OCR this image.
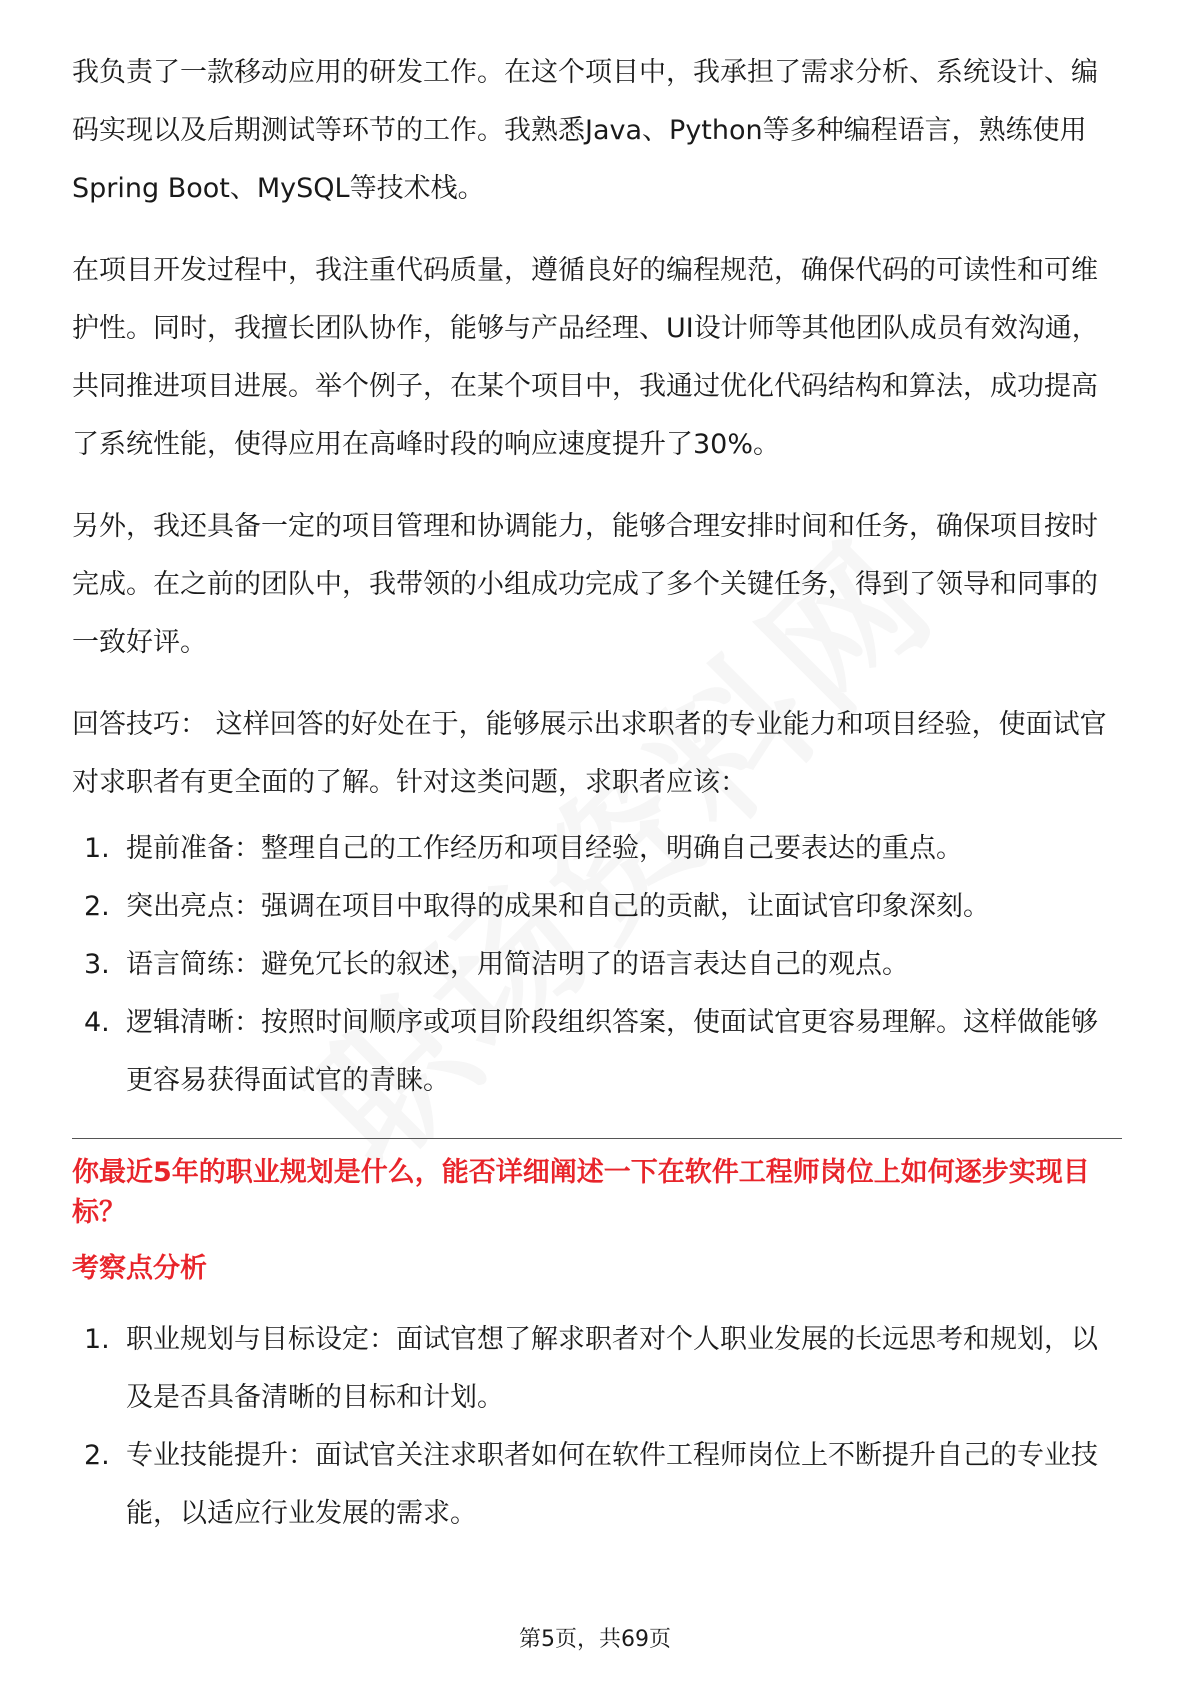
我负责了一款移动应用的研发工作。在这个项目中，我承担了需求分析、系统设计、编码实现以及后期测试等环节的工作。我熟悉Java、Python等多种编程语言，熟练使用Spring Boot、MySQL等技术栈。

在项目开发过程中，我注重代码质量，遵循良好的编程规范，确保代码的可读性和可维护性。同时，我擅长团队协作，能够与产品经理、UI设计师等其他团队成员有效沟通，共同推进项目进展。举个例子，在某个项目中，我通过优化代码结构和算法，成功提高了系统性能，使得应用在高峰时段的响应速度提升了30%。

另外，我还具备一定的项目管理和协调能力，能够合理安排时间和任务，确保项目按时完成。在之前的团队中，我带领的小组成功完成了多个关键任务，得到了领导和同事的一致好评。

回答技巧： 这样回答的好处在于，能够展示出求职者的专业能力和项目经验，使面试官对求职者有更全面的了解。针对这类问题，求职者应该：

1. 提前准备：整理自己的工作经历和项目经验，明确自己要表达的重点。
2. 突出亮点：强调在项目中取得的成果和自己的贡献，让面试官印象深刻。
3. 语言简练：避免冗长的叙述，用简洁明了的语言表达自己的观点。
4. 逻辑清晰：按照时间顺序或项目阶段组织答案，使面试官更容易理解。这样做能够更容易获得面试官的青睐。

你最近5年的职业规划是什么，能否详细阐述一下在软件工程师岗位上如何逐步实现目标？

考察点分析

1. 职业规划与目标设定：面试官想了解求职者对个人职业发展的长远思考和规划，以及是否具备清晰的目标和计划。
2. 专业技能提升：面试官关注求职者如何在软件工程师岗位上不断提升自己的专业技能，以适应行业发展的需求。
第5页，共69页
